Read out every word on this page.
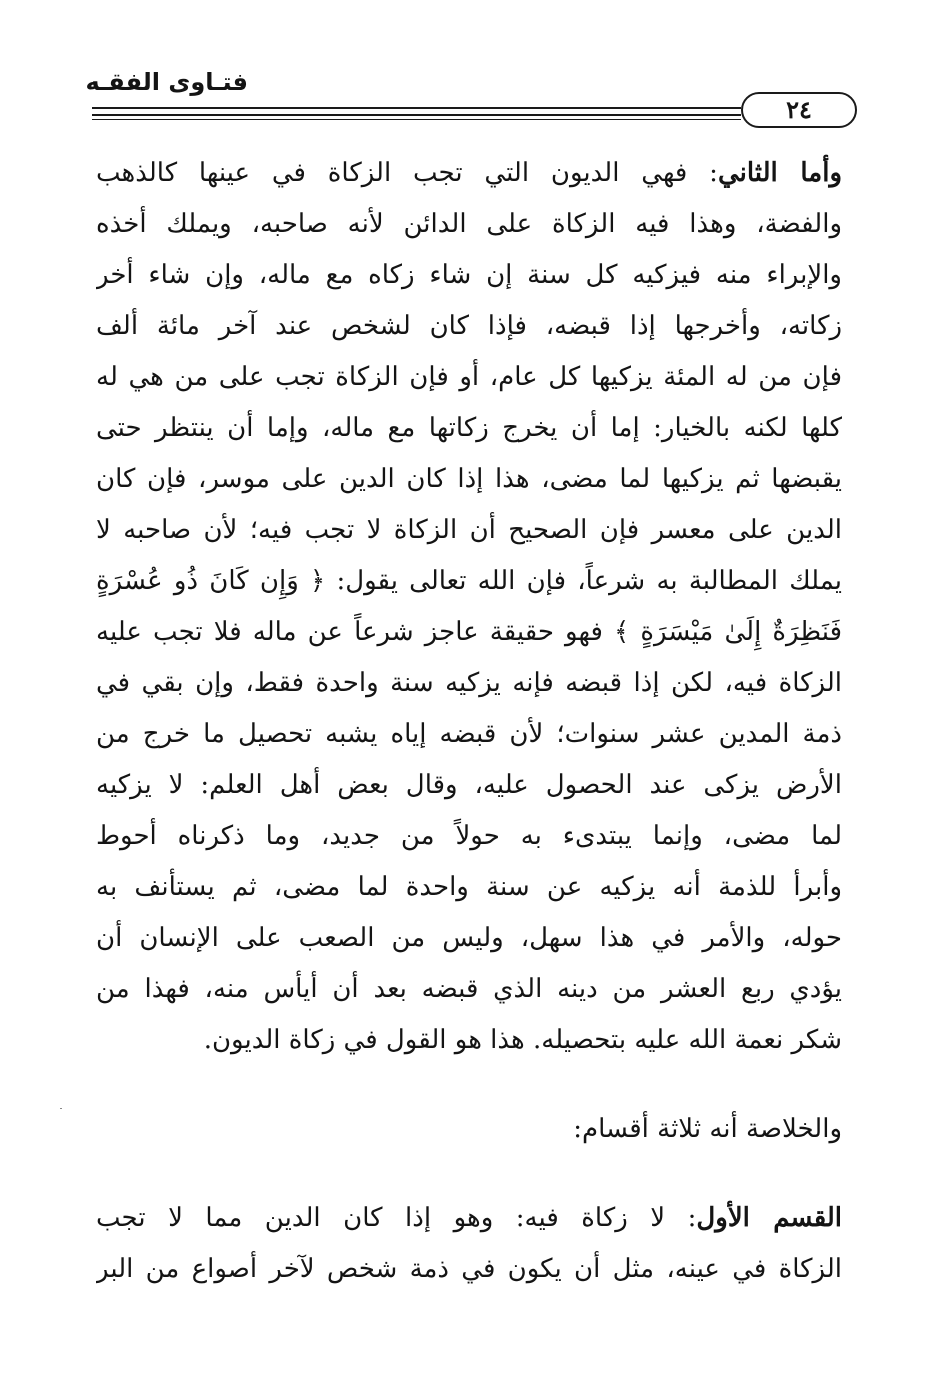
فتـاوى الفقـه
٢٤
وأما الثاني: فهي الديون التي تجب الزكاة في عينها كالذهب
والفضة، وهذا فيه الزكاة على الدائن لأنه صاحبه، ويملك أخذه
والإبراء منه فيزكيه كل سنة إن شاء زكاه مع ماله، وإن شاء أخر
زكاته، وأخرجها إذا قبضه، فإذا كان لشخص عند آخر مائة ألف
فإن من له المئة يزكيها كل عام، أو فإن الزكاة تجب على من هي له
كلها لكنه بالخيار: إما أن يخرج زكاتها مع ماله، وإما أن ينتظر حتى
يقبضها ثم يزكيها لما مضى، هذا إذا كان الدين على موسر، فإن كان
الدين على معسر فإن الصحيح أن الزكاة لا تجب فيه؛ لأن صاحبه لا
يملك المطالبة به شرعاً، فإن الله تعالى يقول: ﴿ وَإِن كَانَ ذُو عُسْرَةٍ
فَنَظِرَةٌ إِلَىٰ مَيْسَرَةٍ ﴾ فهو حقيقة عاجز شرعاً عن ماله فلا تجب عليه
الزكاة فيه، لكن إذا قبضه فإنه يزكيه سنة واحدة فقط، وإن بقي في
ذمة المدين عشر سنوات؛ لأن قبضه إياه يشبه تحصيل ما خرج من
الأرض يزكى عند الحصول عليه، وقال بعض أهل العلم: لا يزكيه
لما مضى، وإنما يبتدىء به حولاً من جديد، وما ذكرناه أحوط
وأبرأ للذمة أنه يزكيه عن سنة واحدة لما مضى، ثم يستأنف به
حوله، والأمر في هذا سهل، وليس من الصعب على الإنسان أن
يؤدي ربع العشر من دينه الذي قبضه بعد أن أيأس منه، فهذا من
شكر نعمة الله عليه بتحصيله. هذا هو القول في زكاة الديون.
والخلاصة أنه ثلاثة أقسام:
القسم الأول: لا زكاة فيه: وهو إذا كان الدين مما لا تجب
الزكاة في عينه، مثل أن يكون في ذمة شخص لآخر أصواع من البر
